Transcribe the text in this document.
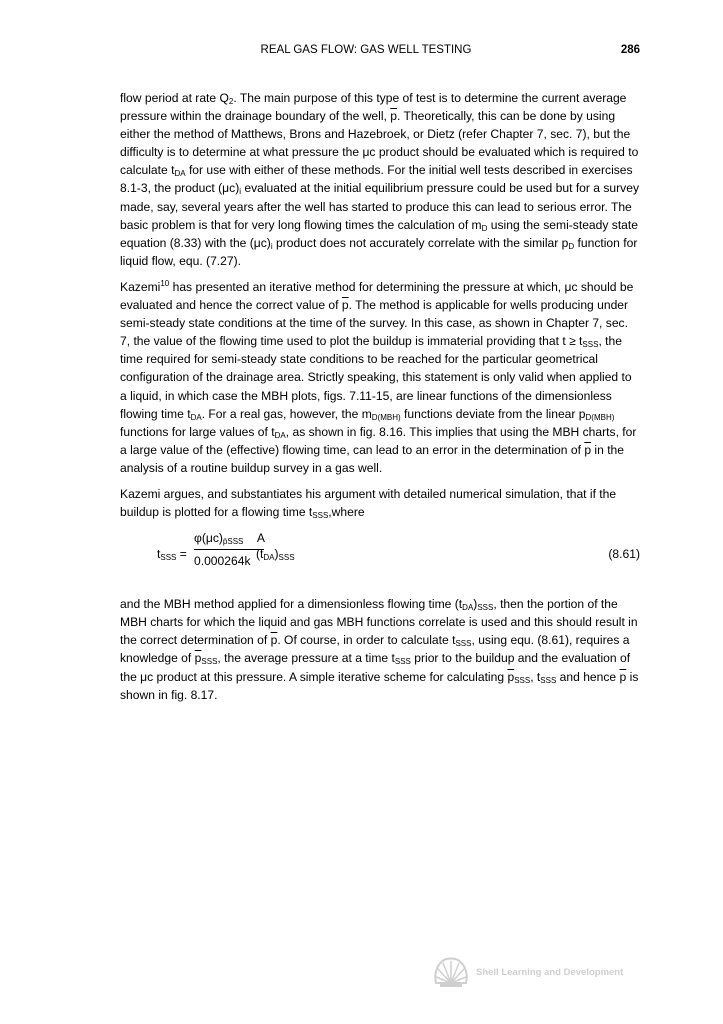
REAL GAS FLOW: GAS WELL TESTING	286

flow period at rate $Q_2$. The main purpose of this type of test is to determine the current average pressure within the drainage boundary of the well, $\overline{p}$. Theoretically, this can be done by using either the method of Matthews, Brons and Hazebroek, or Dietz (refer Chapter 7, sec. 7), but the difficulty is to determine at what pressure the μc product should be evaluated which is required to calculate $t_{DA}$ for use with either of these methods. For the initial well tests described in exercises 8.1-3, the product $(\mu c)_i$ evaluated at the initial equilibrium pressure could be used but for a survey made, say, several years after the well has started to produce this can lead to serious error. The basic problem is that for very long flowing times the calculation of $m_D$ using the semi-steady state equation (8.33) with the $(\mu c)_i$ product does not accurately correlate with the similar $p_D$ function for liquid flow, equ. (7.27).

Kazemi$^{10}$ has presented an iterative method for determining the pressure at which, μc should be evaluated and hence the correct value of $\overline{p}$. The method is applicable for wells producing under semi-steady state conditions at the time of the survey. In this case, as shown in Chapter 7, sec. 7, the value of the flowing time used to plot the buildup is immaterial providing that $t \ge t_{SSS}$, the time required for semi-steady state conditions to be reached for the particular geometrical configuration of the drainage area. Strictly speaking, this statement is only valid when applied to a liquid, in which case the MBH plots, figs. 7.11-15, are linear functions of the dimensionless flowing time $t_{DA}$. For a real gas, however, the $m_{D(MBH)}$ functions deviate from the linear $p_{D(MBH)}$ functions for large values of $t_{DA}$, as shown in fig. 8.16. This implies that using the MBH charts, for a large value of the (effective) flowing time, can lead to an error in the determination of $\overline{p}$ in the analysis of a routine buildup survey in a gas well.

Kazemi argues, and substantiates his argument with detailed numerical simulation, that if the buildup is plotted for a flowing time $t_{SSS},where$

$t_{SSS}$ =
$\varphi(\mu c)_{p̄SSS}$ A
0.000264k $(t_{DA})_{SSS}$	(8.61)

and the MBH method applied for a dimensionless flowing time $(t_{DA})_{SSS}$, then the portion of the MBH charts for which the liquid and gas MBH functions correlate is used and this should result in the correct determination of $\overline{p}$. Of course, in order to calculate $t_{SSS}$, using equ. (8.61), requires a knowledge of $\overline{p}_{SSS}$, the average pressure at a time $t_{SSS}$ prior to the buildup and the evaluation of the μc product at this pressure. A simple iterative scheme for calculating $\overline{p}_{SSS}$, $t_{SSS}$ and hence $\overline{p}$ is shown in fig. 8.17.

Shell Learning and Development
